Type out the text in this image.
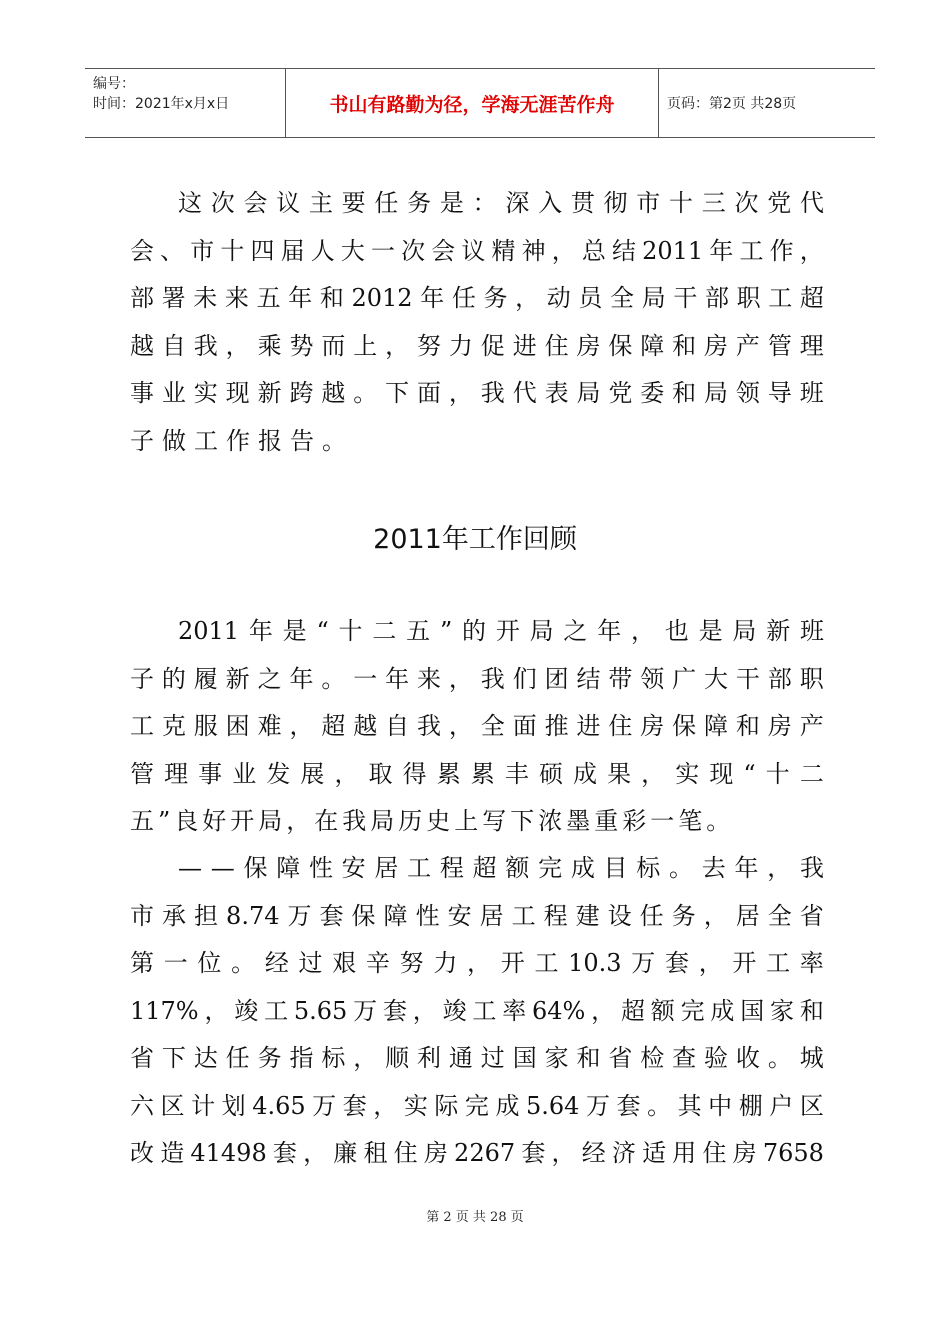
编号：
时间：2021年x月x日	书山有路勤为径，学海无涯苦作舟	页码：第2页 共28页
这 次 会 议 主 要 任 务 是 ： 深 入 贯 彻 市 十 三 次 党 代
会 、 市 十 四 届 人 大 一 次 会 议 精 神 ， 总 结 2011 年 工 作 ，
部 署 未 来 五 年 和 2012 年 任 务 ， 动 员 全 局 干 部 职 工 超
越 自 我 ， 乘 势 而 上 ， 努 力 促 进 住 房 保 障 和 房 产 管 理
事 业 实 现 新 跨 越 。 下 面 ， 我 代 表 局 党 委 和 局 领 导 班
子做工作报告。
2011年工作回顾
2011 年 是 “ 十 二 五 ” 的 开 局 之 年 ， 也 是 局 新 班
子 的 履 新 之 年 。 一 年 来 ， 我 们 团 结 带 领 广 大 干 部 职
工 克 服 困 难 ， 超 越 自 我 ， 全 面 推 进 住 房 保 障 和 房 产
管 理 事 业 发 展 ， 取 得 累 累 丰 硕 成 果 ， 实 现 “ 十 二
五”良好开局，在我局历史上写下浓墨重彩一笔。
— — 保 障 性 安 居 工 程 超 额 完 成 目 标 。 去 年 ， 我
市 承 担 8.74 万 套 保 障 性 安 居 工 程 建 设 任 务 ， 居 全 省
第 一 位 。 经 过 艰 辛 努 力 ， 开 工 10.3 万 套 ， 开 工 率
117% ， 竣 工 5.65 万 套 ， 竣 工 率 64% ， 超 额 完 成 国 家 和
省 下 达 任 务 指 标 ， 顺 利 通 过 国 家 和 省 检 查 验 收 。 城
六 区 计 划 4.65 万 套 ， 实 际 完 成 5.64 万 套 。 其 中 棚 户 区
改 造 41498 套 ， 廉 租 住 房 2267 套 ， 经 济 适 用 住 房 7658
第 2 页 共 28 页
